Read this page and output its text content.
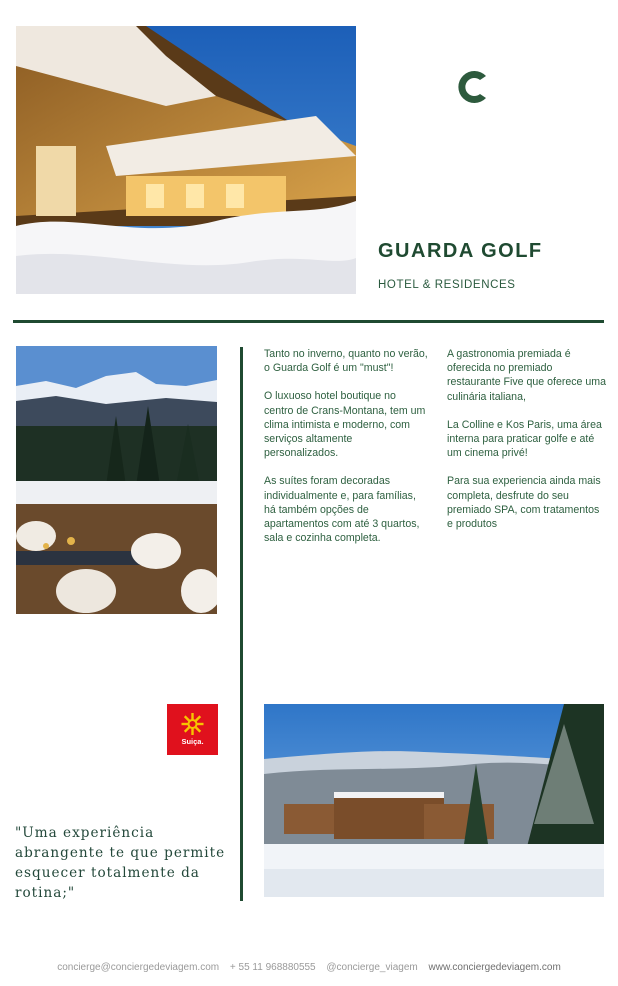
GUARDA GOLF
HOTEL & RESIDENCES

Tanto no inverno, quanto no verão, o Guarda Golf é um "must"!

O luxuoso hotel boutique no centro de Crans-Montana, tem um clima intimista e moderno, com serviços altamente personalizados.

As suítes foram decoradas individualmente e, para famílias, há também opções de apartamentos com até 3 quartos, sala e cozinha completa.

A gastronomia premiada é oferecida no premiado restaurante Five que oferece uma culinária italiana,

La Colline e Kos Paris, uma área interna para praticar golfe e até um cinema privé!

Para sua experiencia ainda mais completa, desfrute do seu premiado SPA, com tratamentos e produtos

Suiça.
"Uma experiência abrangente te que permite esquecer totalmente da rotina;"
concierge@conciergedeviagem.com + 55 11 968880555 @concierge_viagem www.conciergedeviagem.com
